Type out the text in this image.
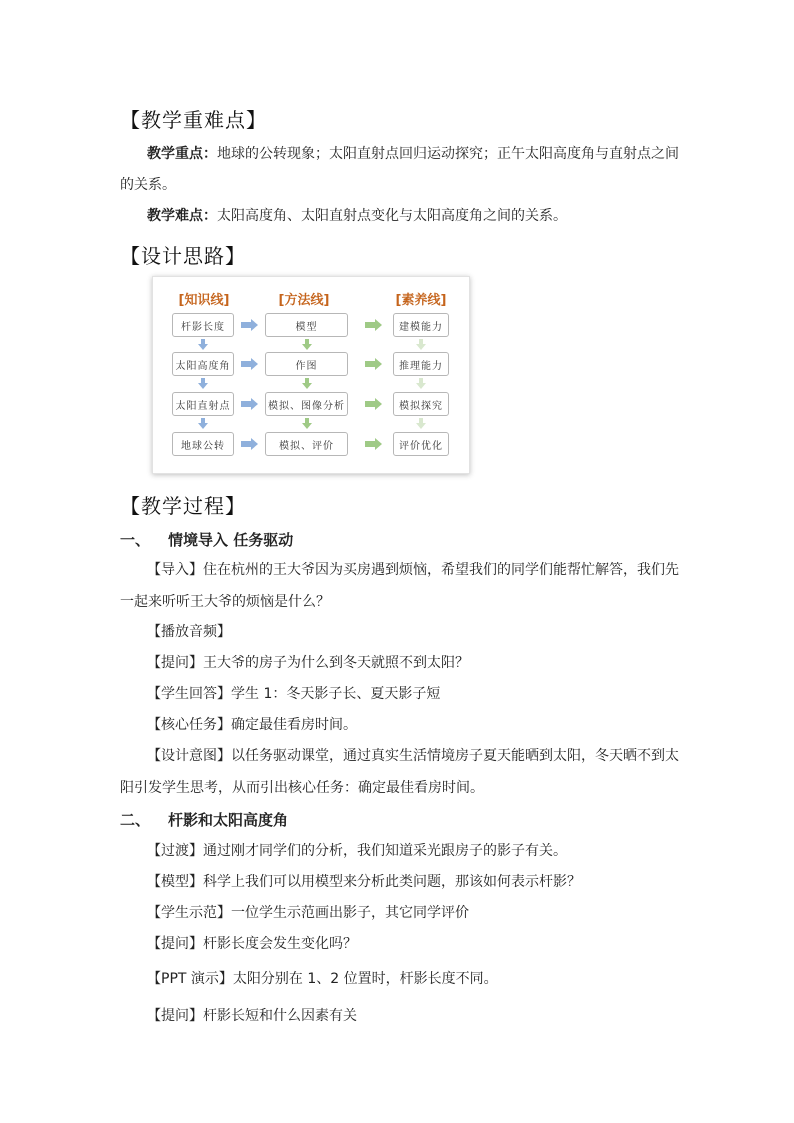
【教学重难点】
教学重点：地球的公转现象；太阳直射点回归运动探究；正午太阳高度角与直射点之间
的关系。
教学难点：太阳高度角、太阳直射点变化与太阳高度角之间的关系。
【设计思路】
[知识线]	[方法线]	[素养线]
杆影长度	模型	建模能力
太阳高度角	作图	推理能力
太阳直射点	模拟、图像分析	模拟探究
地球公转	模拟、评价	评价优化
【教学过程】
一、 情境导入 任务驱动
【导入】住在杭州的王大爷因为买房遇到烦恼，希望我们的同学们能帮忙解答，我们先
一起来听听王大爷的烦恼是什么？
【播放音频】
【提问】王大爷的房子为什么到冬天就照不到太阳？
【学生回答】学生 1：冬天影子长、夏天影子短
【核心任务】确定最佳看房时间。
【设计意图】以任务驱动课堂，通过真实生活情境房子夏天能晒到太阳，冬天晒不到太
阳引发学生思考，从而引出核心任务：确定最佳看房时间。
二、 杆影和太阳高度角
【过渡】通过刚才同学们的分析，我们知道采光跟房子的影子有关。
【模型】科学上我们可以用模型来分析此类问题，那该如何表示杆影？
【学生示范】一位学生示范画出影子，其它同学评价
【提问】杆影长度会发生变化吗？
【PPT 演示】太阳分别在 1、2 位置时，杆影长度不同。
【提问】杆影长短和什么因素有关
